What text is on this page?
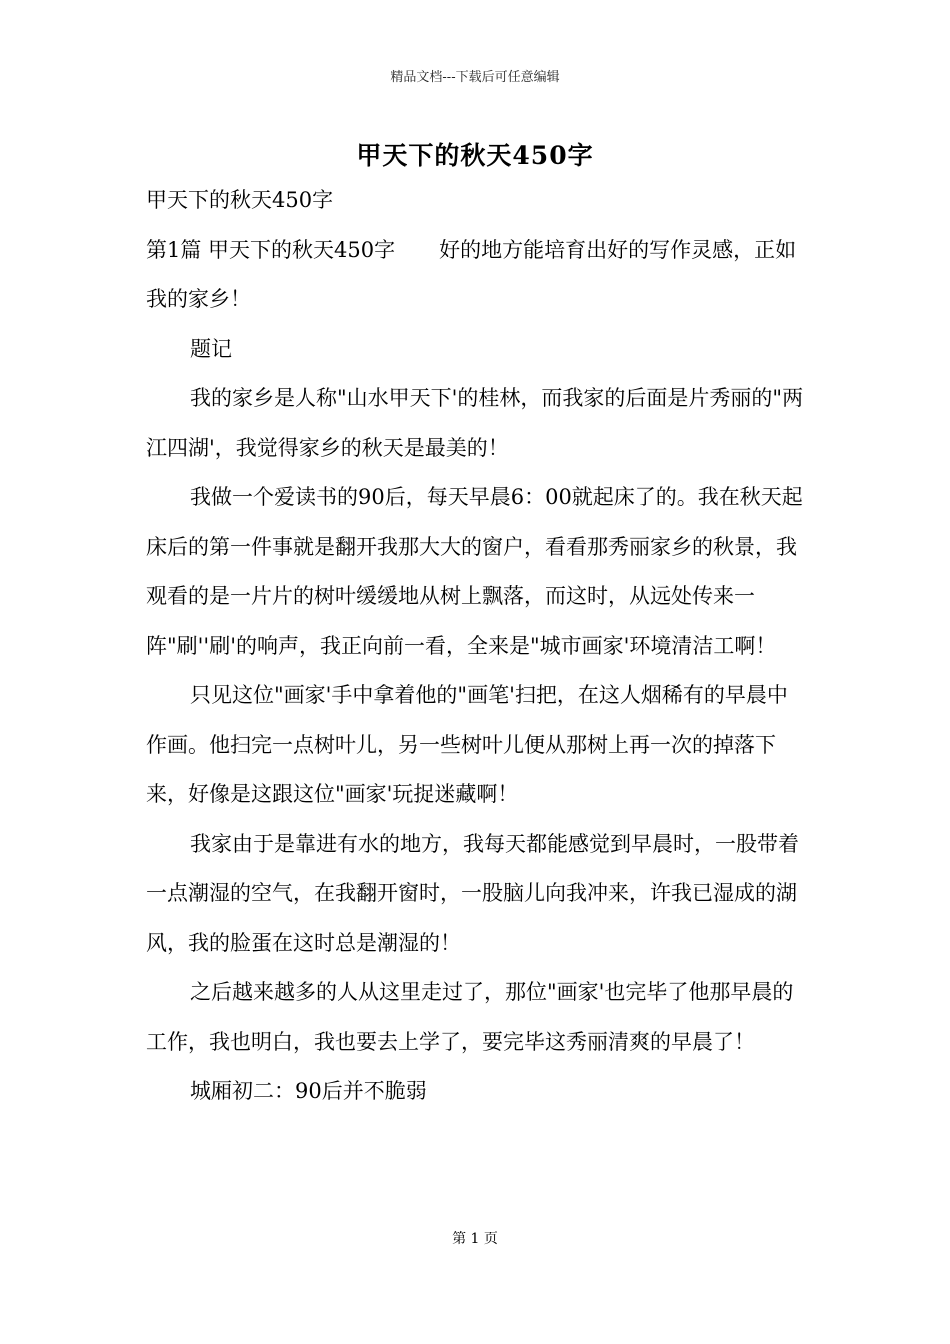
精品文档---下载后可任意编辑
甲天下的秋天450字

甲天下的秋天450字

第1篇 甲天下的秋天450字 好的地方能培育出好的写作灵感，正如我的家乡！

题记

我的家乡是人称"山水甲天下'的桂林，而我家的后面是片秀丽的"两江四湖'，我觉得家乡的秋天是最美的！

我做一个爱读书的90后，每天早晨6：00就起床了的。我在秋天起床后的第一件事就是翻开我那大大的窗户，看看那秀丽家乡的秋景，我观看的是一片片的树叶缓缓地从树上飘落，而这时，从远处传来一阵"刷''刷'的响声，我正向前一看，全来是"城市画家'环境清洁工啊！

只见这位"画家'手中拿着他的"画笔'扫把，在这人烟稀有的早晨中作画。他扫完一点树叶儿，另一些树叶儿便从那树上再一次的掉落下来，好像是这跟这位"画家'玩捉迷藏啊！

我家由于是靠进有水的地方，我每天都能感觉到早晨时，一股带着一点潮湿的空气，在我翻开窗时，一股脑儿向我冲来，许我已湿成的湖风，我的脸蛋在这时总是潮湿的！

之后越来越多的人从这里走过了，那位"画家'也完毕了他那早晨的工作，我也明白，我也要去上学了，要完毕这秀丽清爽的早晨了！

城厢初二：90后并不脆弱

第 1 页
